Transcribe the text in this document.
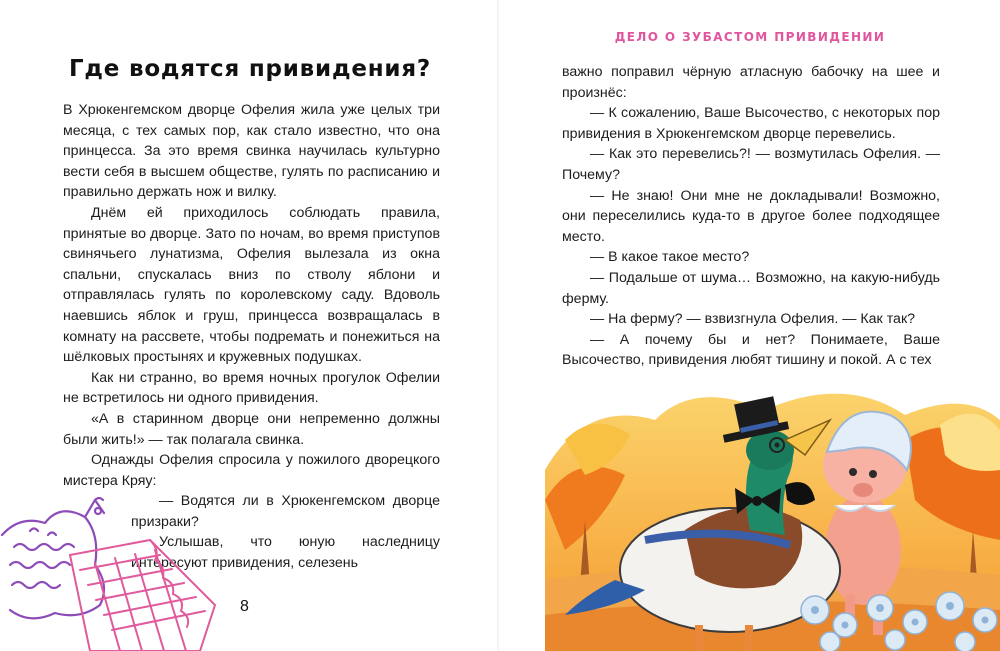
Где водятся привидения?

В Хрюкенгемском дворце Офелия жила уже целых три месяца, с тех самых пор, как стало известно, что она принцесса. За это время свинка научилась культурно вести себя в высшем обществе, гулять по расписанию и правильно держать нож и вилку.

Днём ей приходилось соблюдать правила, принятые во дворце. Зато по ночам, во время приступов свинячьего лунатизма, Офелия вылезала из окна спальни, спускалась вниз по стволу яблони и отправлялась гулять по королевскому саду. Вдоволь наевшись яблок и груш, принцесса возвращалась в комнату на рассвете, чтобы подремать и понежиться на шёлковых простынях и кружевных подушках.

Как ни странно, во время ночных прогулок Офелии не встретилось ни одного привидения.

«А в старинном дворце они непременно должны были жить!» — так полагала свинка.

Однажды Офелия спросила у пожилого дворецкого мистера Кряу:

— Водятся ли в Хрюкенгемском дворце призраки?

Услышав, что юную наследницу интересуют привидения, селезень

8
ДЕЛО О ЗУБАСТОМ ПРИВИДЕНИИ

важно поправил чёрную атласную бабочку на шее и произнёс:

— К сожалению, Ваше Высочество, с некоторых пор привидения в Хрюкенгемском дворце перевелись.

— Как это перевелись?! — возмутилась Офелия. — Почему?

— Не знаю! Они мне не докладывали! Возможно, они переселились куда-то в другое более подходящее место.

— В какое такое место?

— Подальше от шума… Возможно, на какую-нибудь ферму.

— На ферму? — взвизгнула Офелия. — Как так?

— А почему бы и нет? Понимаете, Ваше Высочество, привидения любят тишину и покой. А с тех
